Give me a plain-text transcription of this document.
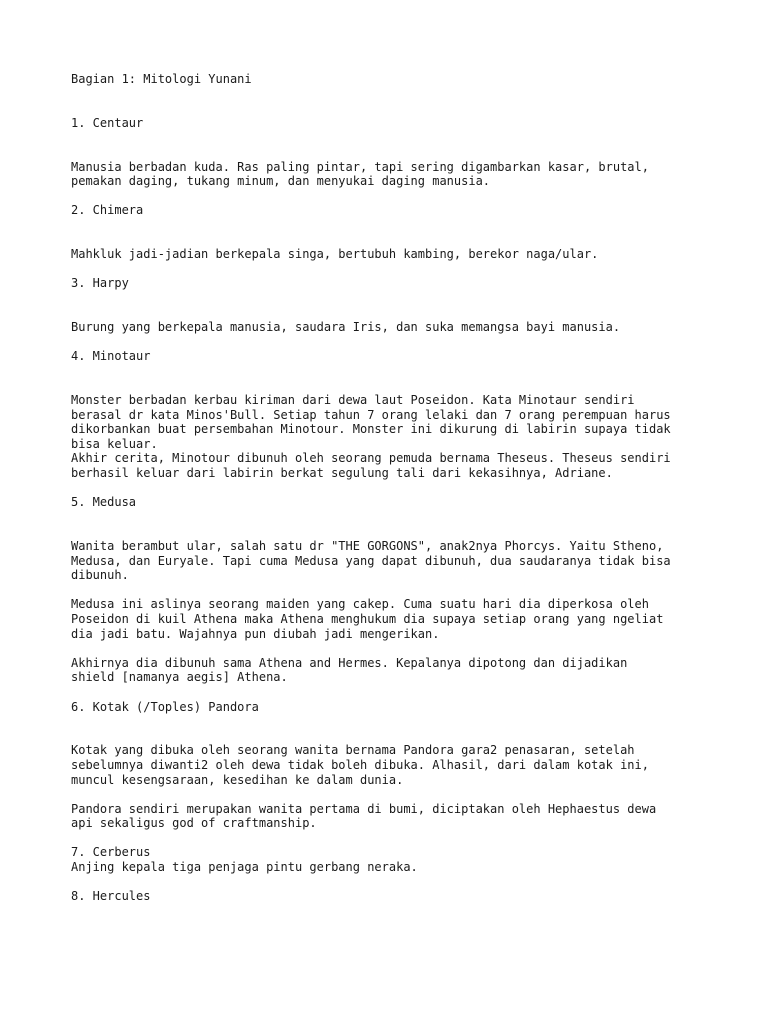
Bagian 1: Mitologi Yunani
1. Centaur
Manusia berbadan kuda. Ras paling pintar, tapi sering digambarkan kasar, brutal,
pemakan daging, tukang minum, dan menyukai daging manusia.
2. Chimera
Mahkluk jadi-jadian berkepala singa, bertubuh kambing, berekor naga/ular.
3. Harpy
Burung yang berkepala manusia, saudara Iris, dan suka memangsa bayi manusia.
4. Minotaur
Monster berbadan kerbau kiriman dari dewa laut Poseidon. Kata Minotaur sendiri
berasal dr kata Minos'Bull. Setiap tahun 7 orang lelaki dan 7 orang perempuan harus
dikorbankan buat persembahan Minotour. Monster ini dikurung di labirin supaya tidak
bisa keluar.
Akhir cerita, Minotour dibunuh oleh seorang pemuda bernama Theseus. Theseus sendiri
berhasil keluar dari labirin berkat segulung tali dari kekasihnya, Adriane.
5. Medusa
Wanita berambut ular, salah satu dr "THE GORGONS", anak2nya Phorcys. Yaitu Stheno,
Medusa, dan Euryale. Tapi cuma Medusa yang dapat dibunuh, dua saudaranya tidak bisa
dibunuh.
Medusa ini aslinya seorang maiden yang cakep. Cuma suatu hari dia diperkosa oleh
Poseidon di kuil Athena maka Athena menghukum dia supaya setiap orang yang ngeliat
dia jadi batu. Wajahnya pun diubah jadi mengerikan.
Akhirnya dia dibunuh sama Athena and Hermes. Kepalanya dipotong dan dijadikan
shield [namanya aegis] Athena.
6. Kotak (/Toples) Pandora
Kotak yang dibuka oleh seorang wanita bernama Pandora gara2 penasaran, setelah
sebelumnya diwanti2 oleh dewa tidak boleh dibuka. Alhasil, dari dalam kotak ini,
muncul kesengsaraan, kesedihan ke dalam dunia.
Pandora sendiri merupakan wanita pertama di bumi, diciptakan oleh Hephaestus dewa
api sekaligus god of craftmanship.
7. Cerberus
Anjing kepala tiga penjaga pintu gerbang neraka.
8. Hercules
